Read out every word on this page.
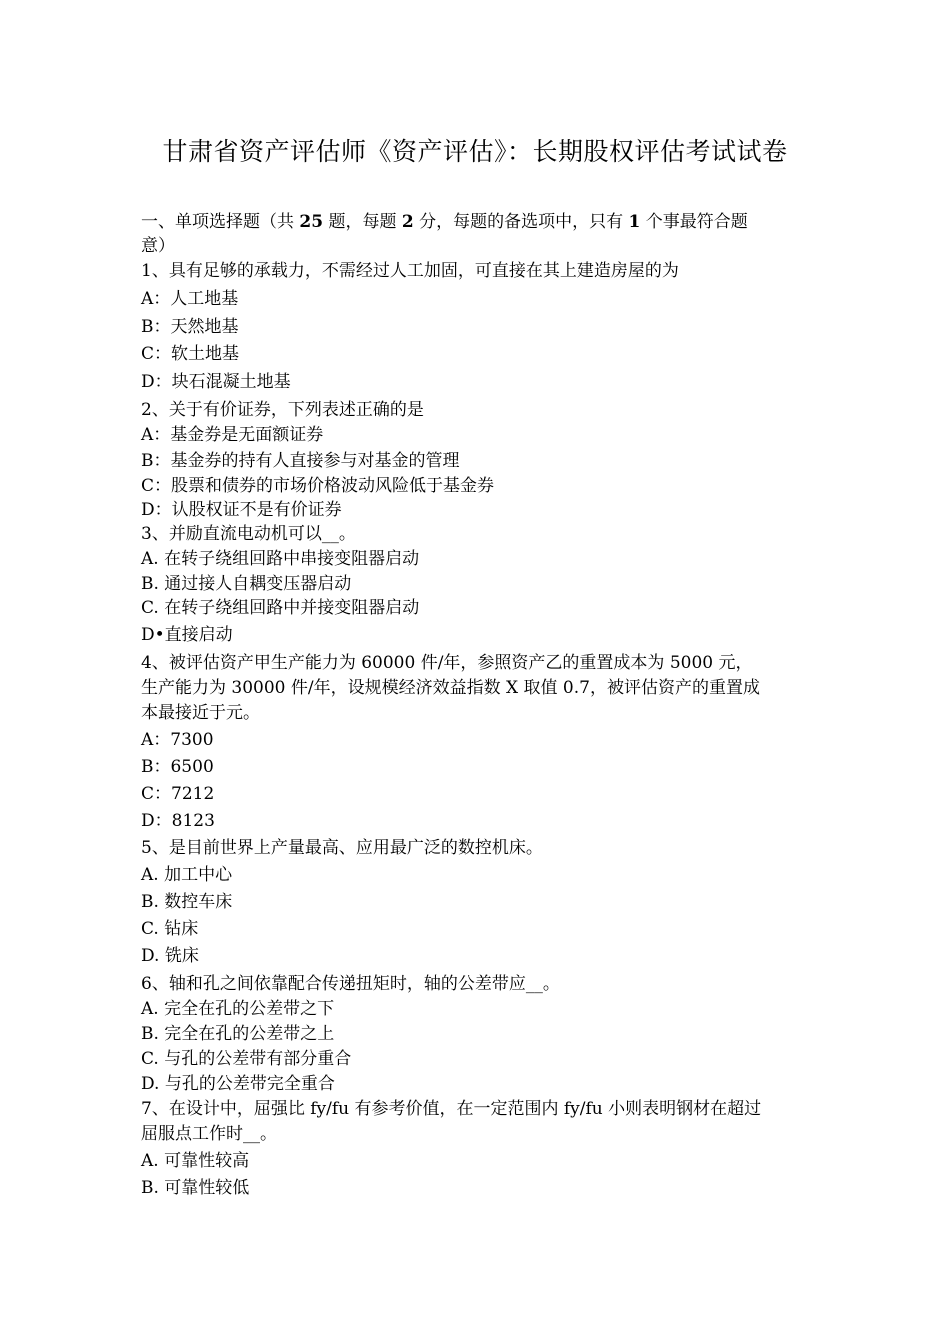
甘肃省资产评估师《资产评估》：长期股权评估考试试卷
一、单项选择题（共 25 题，每题 2 分，每题的备选项中，只有 1 个事最符合题
意）
1、具有足够的承载力，不需经过人工加固，可直接在其上建造房屋的为
A：人工地基
B：天然地基
C：软土地基
D：块石混凝土地基
2、关于有价证券，下列表述正确的是
A：基金券是无面额证券
B：基金券的持有人直接参与对基金的管理
C：股票和债券的市场价格波动风险低于基金券
D：认股权证不是有价证券
3、并励直流电动机可以__。
A. 在转子绕组回路中串接变阻器启动
B. 通过接人自耦变压器启动
C. 在转子绕组回路中并接变阻器启动
D•直接启动
4、被评估资产甲生产能力为 60000 件/年，参照资产乙的重置成本为 5000 元，
生产能力为 30000 件/年，设规模经济效益指数 X 取值 0.7，被评估资产的重置成
本最接近于元。
A：7300
B：6500
C：7212
D：8123
5、是目前世界上产量最高、应用最广泛的数控机床。
A. 加工中心
B. 数控车床
C. 钻床
D. 铣床
6、轴和孔之间依靠配合传递扭矩时，轴的公差带应__。
A. 完全在孔的公差带之下
B. 完全在孔的公差带之上
C. 与孔的公差带有部分重合
D. 与孔的公差带完全重合
7、在设计中，屈强比 fy/fu 有参考价值，在一定范围内 fy/fu 小则表明钢材在超过
屈服点工作时__。
A. 可靠性较高
B. 可靠性较低
